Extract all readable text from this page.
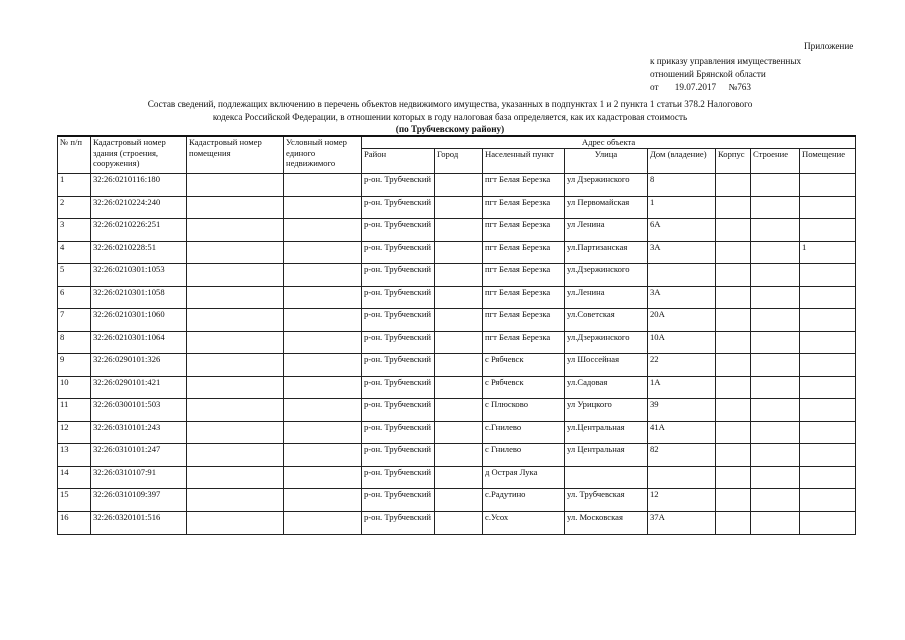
Приложение
к приказу управления имущественных
отношений Брянской области
от 19.07.2017 №763
Состав сведений, подлежащих включению в перечень объектов недвижимого имущества, указанных в подпунктах 1 и 2 пункта 1 статьи 378.2 Налогового
кодекса Российской Федерации, в отношении которых в году налоговая база определяется, как их кадастровая стоимость
(по Трубчевскому району)
№ п/п	Кадастровый номер здания (строения, сооружения)	Кадастровый номер помещения	Условный номер единого недвижимого	Адрес объекта							
				Район	Город	Населенный пункт	Улица	Дом (владение)	Корпус	Строение	Помещение
1	32:26:0210116:180			р-он. Трубчевский		пгт Белая Березка	ул Дзержинского	8			
2	32:26:0210224:240			р-он. Трубчевский		пгт Белая Березка	ул Первомайская	1			
3	32:26:0210226:251			р-он. Трубчевский		пгт Белая Березка	ул Ленина	6А			
4	32:26:0210228:51			р-он. Трубчевский		пгт Белая Березка	ул.Партизанская	3А			1
5	32:26:0210301:1053			р-он. Трубчевский		пгт Белая Березка	ул.Дзержинского				
6	32:26:0210301:1058			р-он. Трубчевский		пгт Белая Березка	ул.Ленина	3А			
7	32:26:0210301:1060			р-он. Трубчевский		пгт Белая Березка	ул.Советская	20А			
8	32:26:0210301:1064			р-он. Трубчевский		пгт Белая Березка	ул.Дзержинского	10А			
9	32:26:0290101:326			р-он. Трубчевский		с Рябчевск	ул Шоссейная	22			
10	32:26:0290101:421			р-он. Трубчевский		с Рябчевск	ул.Садовая	1А			
11	32:26:0300101:503			р-он. Трубчевский		с Плюсково	ул Урицкого	39			
12	32:26:0310101:243			р-он. Трубчевский		с.Гнилево	ул.Центральная	41А			
13	32:26:0310101:247			р-он. Трубчевский		с Гнилево	ул Центральная	82			
14	32:26:0310107:91			р-он. Трубчевский		д Острая Лука					
15	32:26:0310109:397			р-он. Трубчевский		с.Радутино	ул. Трубчевская	12			
16	32:26:0320101:516			р-он. Трубчевский		с.Усох	ул. Московская	37А			
